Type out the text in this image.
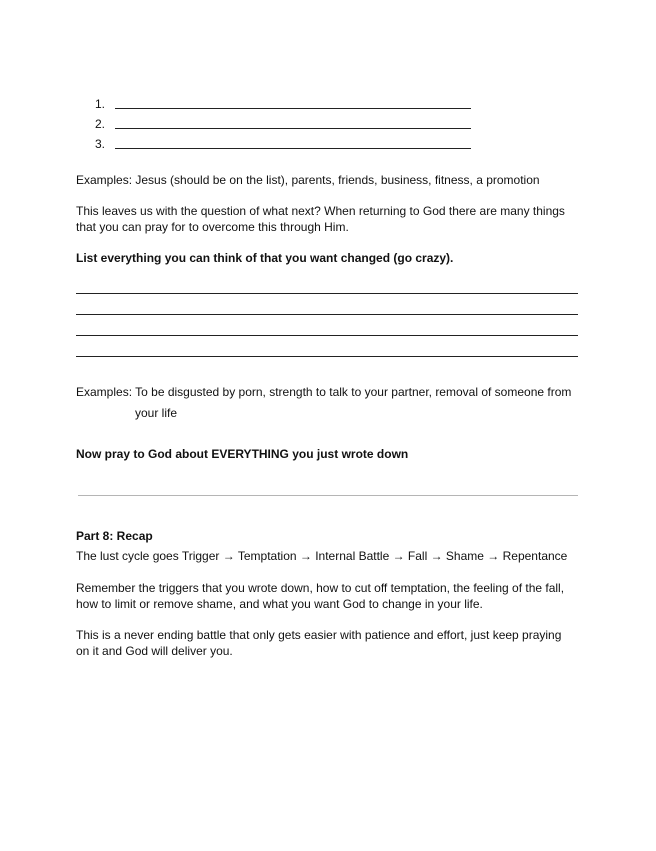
1.
2.
3.

Examples: Jesus (should be on the list), parents, friends, business, fitness, a promotion

This leaves us with the question of what next? When returning to God there are many things that you can pray for to overcome this through Him.

List everything you can think of that you want changed (go crazy).

Examples: To be disgusted by porn, strength to talk to your partner, removal of someone from
your life

Now pray to God about EVERYTHING you just wrote down

Part 8: Recap

The lust cycle goes Trigger → Temptation → Internal Battle → Fall → Shame → Repentance

Remember the triggers that you wrote down, how to cut off temptation, the feeling of the fall, how to limit or remove shame, and what you want God to change in your life.

This is a never ending battle that only gets easier with patience and effort, just keep praying on it and God will deliver you.
